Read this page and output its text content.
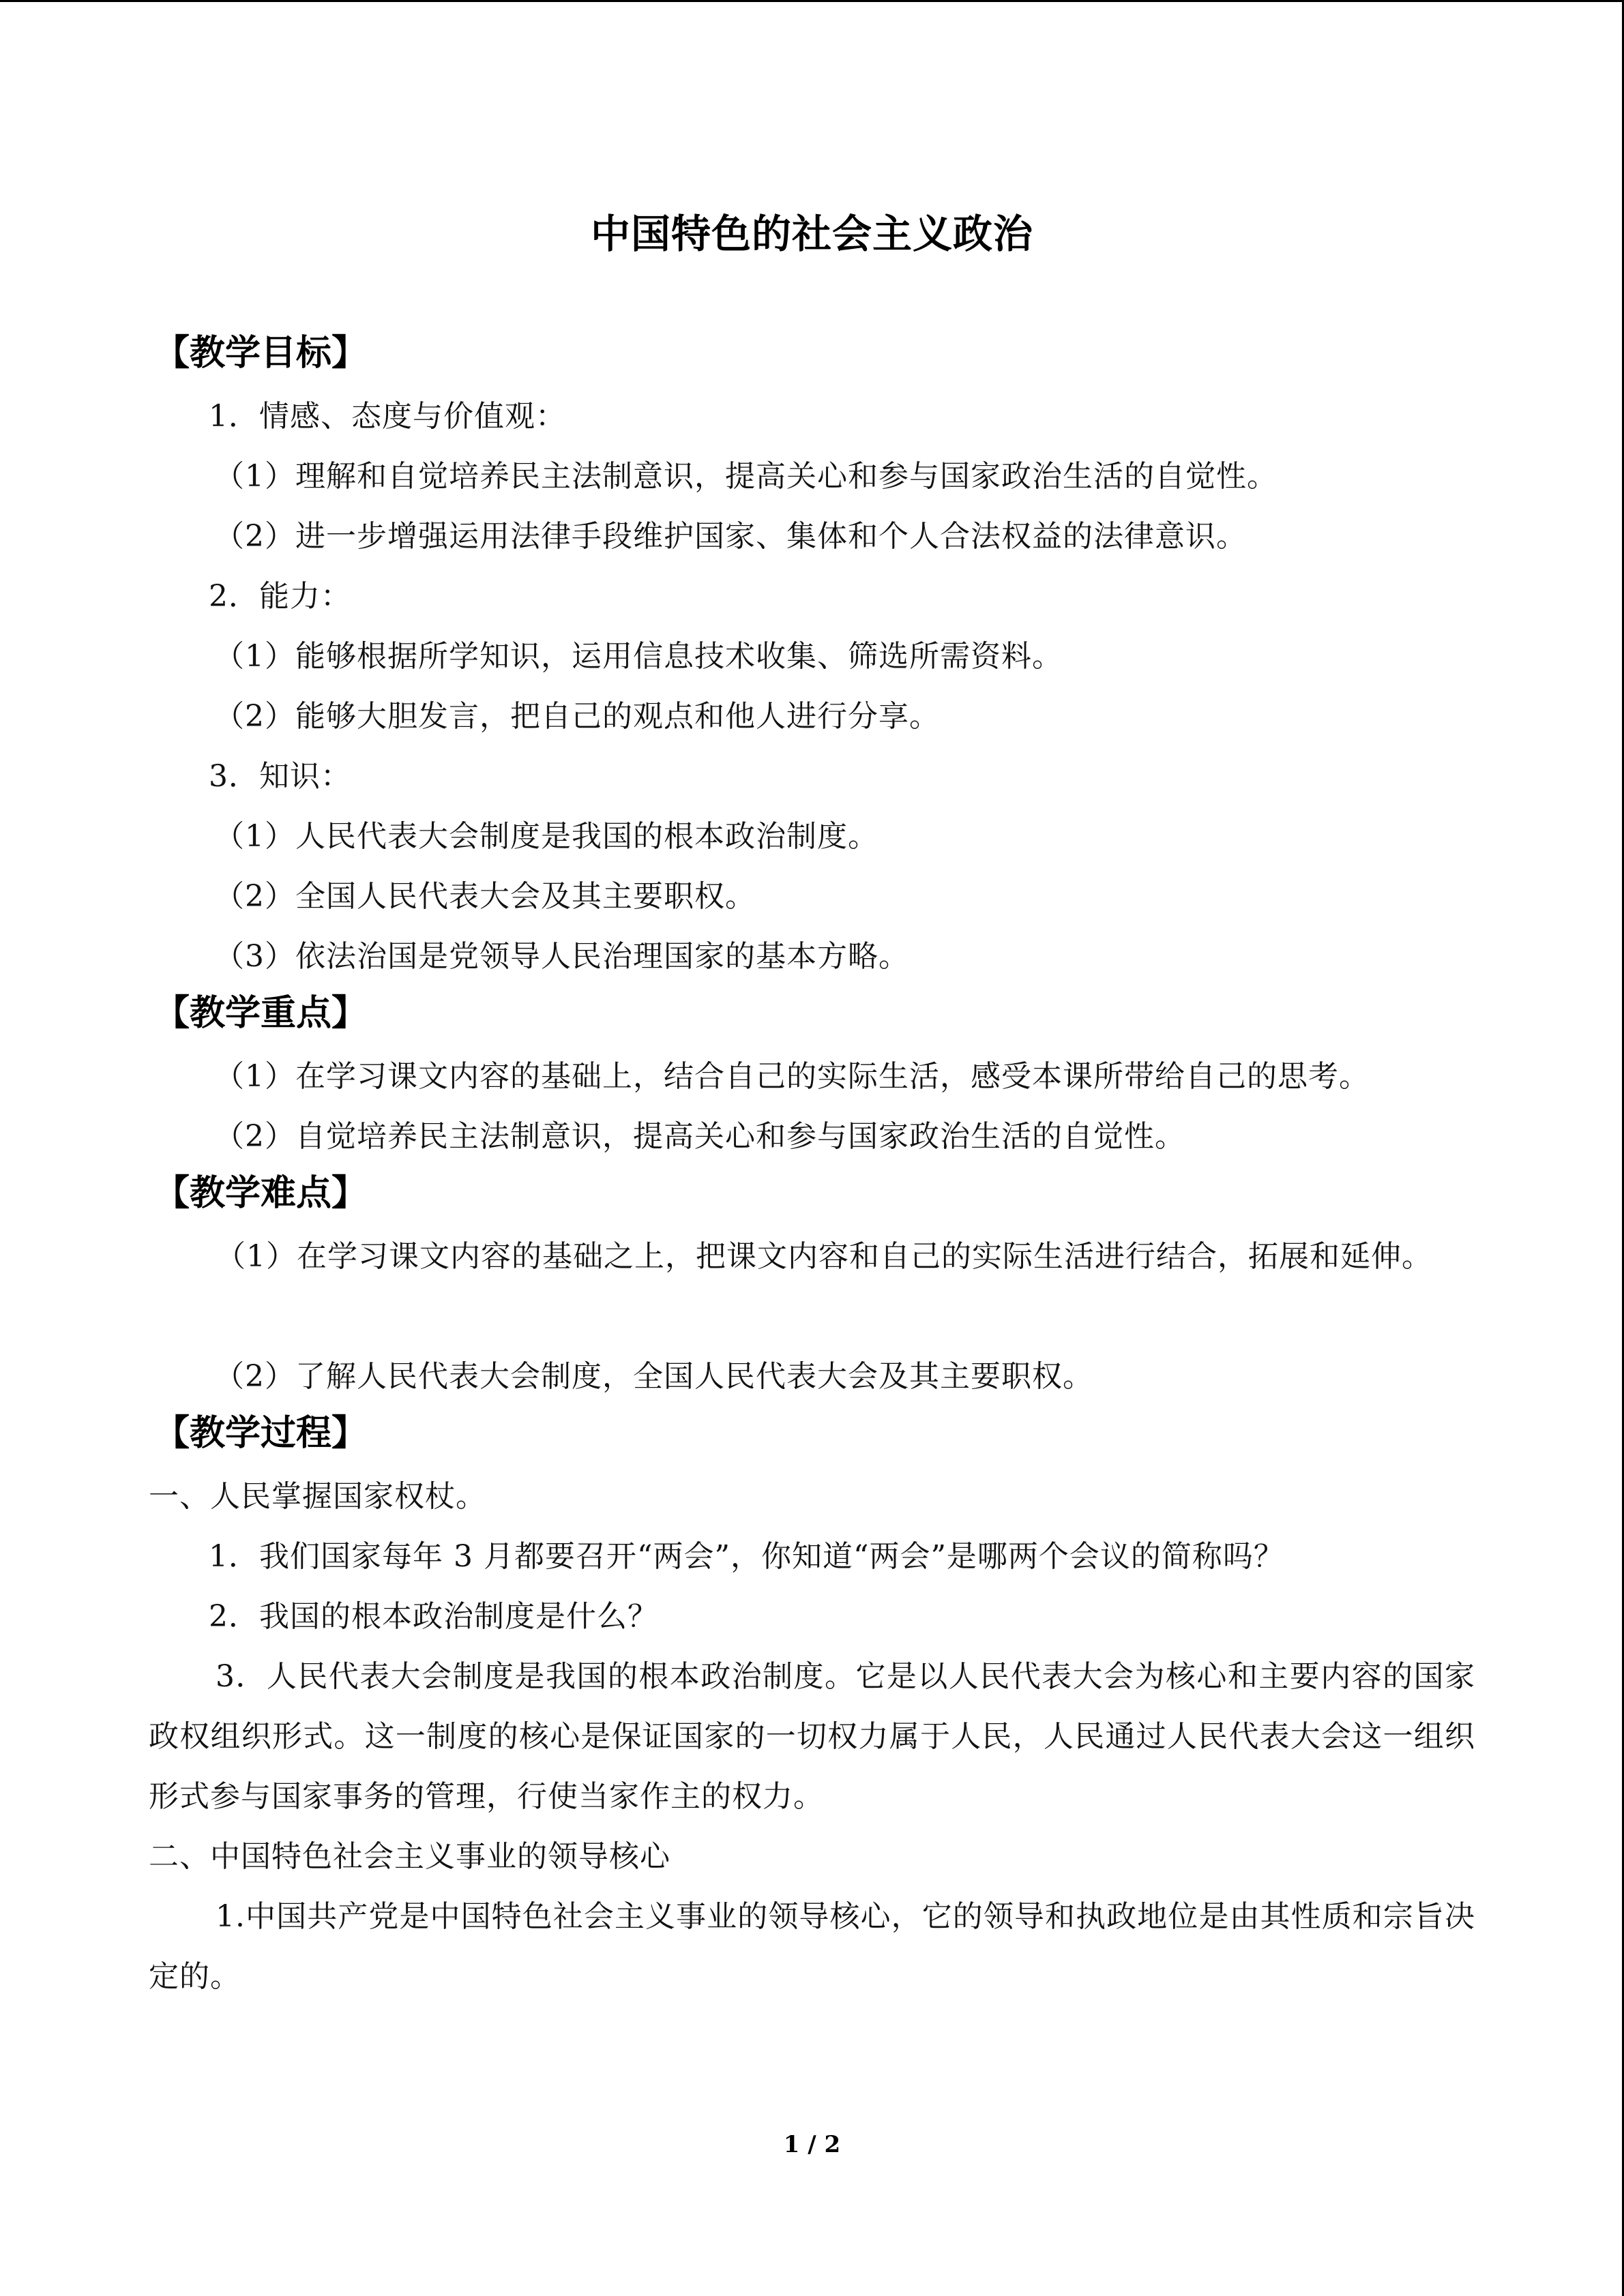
中国特色的社会主义政治
【教学目标】
1．情感、态度与价值观：
（1）理解和自觉培养民主法制意识，提高关心和参与国家政治生活的自觉性。
（2）进一步增强运用法律手段维护国家、集体和个人合法权益的法律意识。
2．能力：
（1）能够根据所学知识，运用信息技术收集、筛选所需资料。
（2）能够大胆发言，把自己的观点和他人进行分享。
3．知识：
（1）人民代表大会制度是我国的根本政治制度。
（2）全国人民代表大会及其主要职权。
（3）依法治国是党领导人民治理国家的基本方略。
【教学重点】
（1）在学习课文内容的基础上，结合自己的实际生活，感受本课所带给自己的思考。
（2）自觉培养民主法制意识，提高关心和参与国家政治生活的自觉性。
【教学难点】
（1）在学习课文内容的基础之上，把课文内容和自己的实际生活进行结合，拓展和延伸。
（2）了解人民代表大会制度，全国人民代表大会及其主要职权。
【教学过程】
一、人民掌握国家权杖。
1．我们国家每年 3 月都要召开“两会”，你知道“两会”是哪两个会议的简称吗？
2．我国的根本政治制度是什么？
3．人民代表大会制度是我国的根本政治制度。它是以人民代表大会为核心和主要内容的国家政权组织形式。这一制度的核心是保证国家的一切权力属于人民，人民通过人民代表大会这一组织形式参与国家事务的管理，行使当家作主的权力。
二、中国特色社会主义事业的领导核心
1.中国共产党是中国特色社会主义事业的领导核心，它的领导和执政地位是由其性质和宗旨决定的。
1 / 2
